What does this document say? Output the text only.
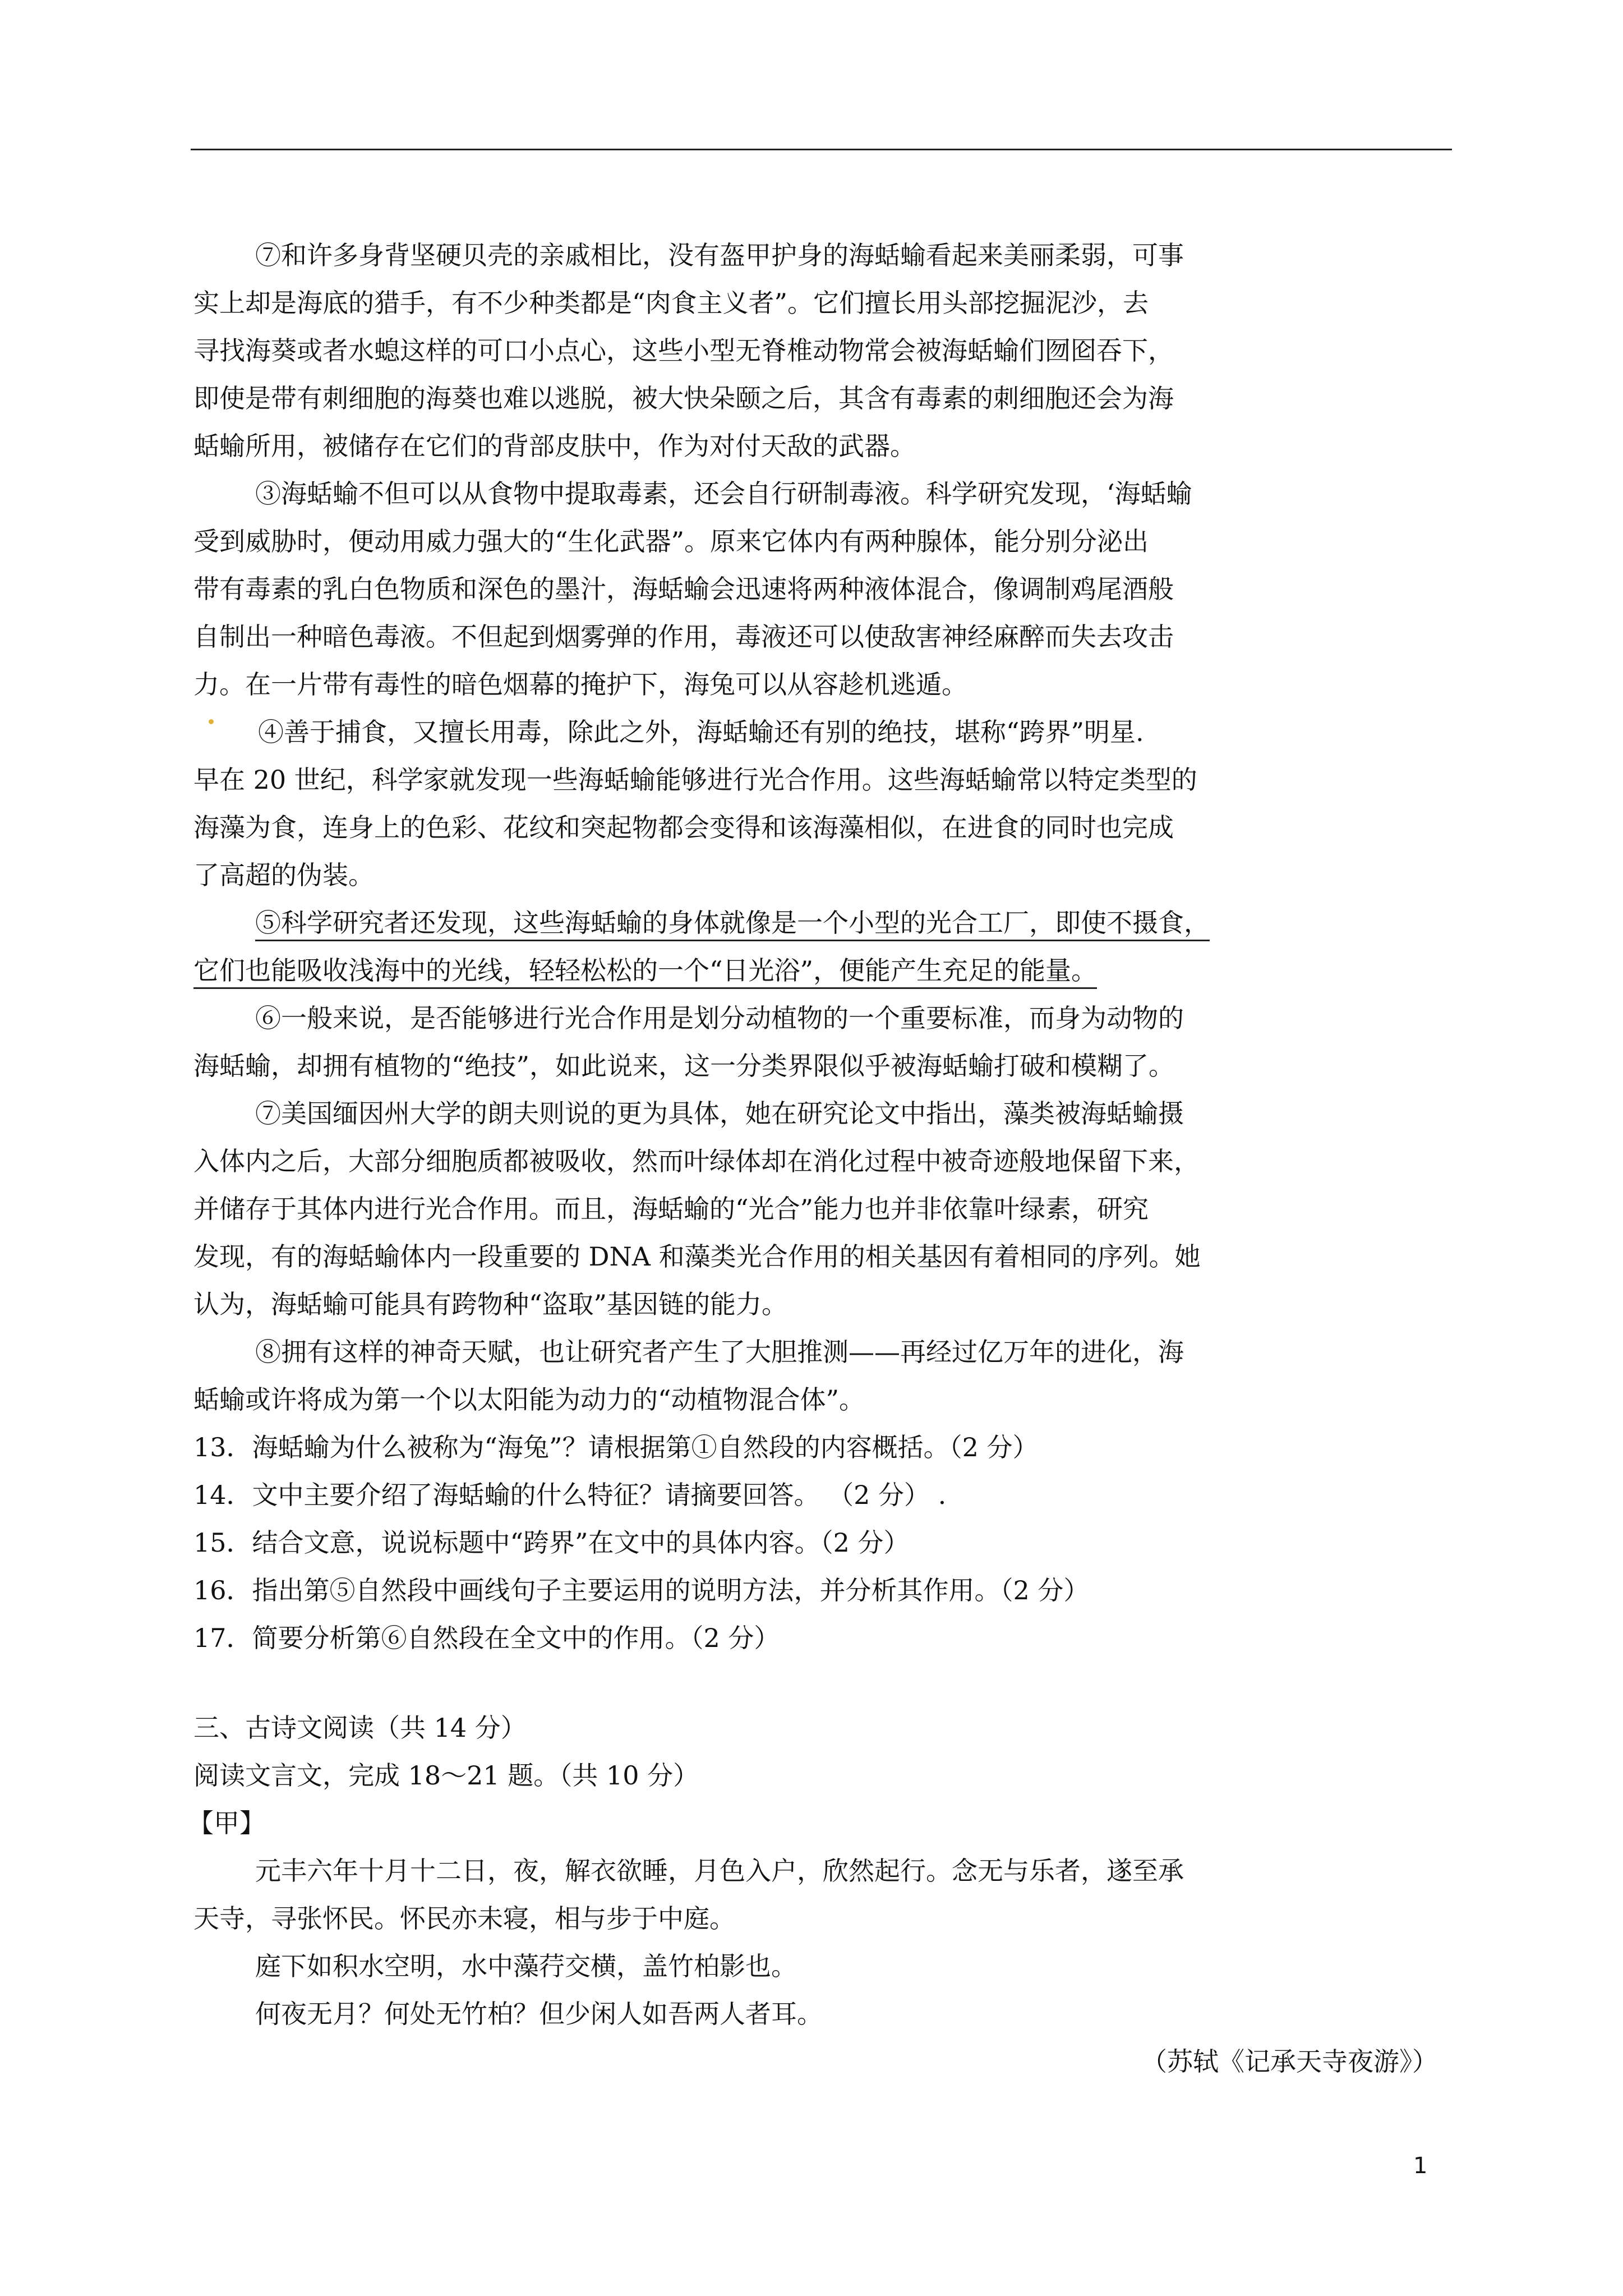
⑦和许多身背坚硬贝壳的亲戚相比，没有盔甲护身的海蛞蝓看起来美丽柔弱，可事
实上却是海底的猎手，有不少种类都是“肉食主义者”。它们擅长用头部挖掘泥沙，去
寻找海葵或者水螅这样的可口小点心，这些小型无脊椎动物常会被海蛞蝓们囫囵吞下，
即使是带有刺细胞的海葵也难以逃脱，被大快朵颐之后，其含有毒素的刺细胞还会为海
蛞蝓所用，被储存在它们的背部皮肤中，作为对付天敌的武器。
③海蛞蝓不但可以从食物中提取毒素，还会自行研制毒液。科学研究发现，‘海蛞蝓
受到威胁时，便动用威力强大的“生化武器”。原来它体内有两种腺体，能分别分泌出
带有毒素的乳白色物质和深色的墨汁，海蛞蝓会迅速将两种液体混合，像调制鸡尾酒般
自制出一种暗色毒液。不但起到烟雾弹的作用，毒液还可以使敌害神经麻醉而失去攻击
力。在一片带有毒性的暗色烟幕的掩护下，海兔可以从容趁机逃遁。
④善于捕食，又擅长用毒，除此之外，海蛞蝓还有别的绝技，堪称“跨界”明星.
早在 20 世纪，科学家就发现一些海蛞蝓能够进行光合作用。这些海蛞蝓常以特定类型的
海藻为食，连身上的色彩、花纹和突起物都会变得和该海藻相似，在进食的同时也完成
了高超的伪装。
⑤科学研究者还发现，这些海蛞蝓的身体就像是一个小型的光合工厂，即使不摄食，
它们也能吸收浅海中的光线，轻轻松松的一个“日光浴”，便能产生充足的能量。
⑥一般来说，是否能够进行光合作用是划分动植物的一个重要标准，而身为动物的
海蛞蝓，却拥有植物的“绝技”，如此说来，这一分类界限似乎被海蛞蝓打破和模糊了。
⑦美国缅因州大学的朗夫则说的更为具体，她在研究论文中指出，藻类被海蛞蝓摄
入体内之后，大部分细胞质都被吸收，然而叶绿体却在消化过程中被奇迹般地保留下来，
并储存于其体内进行光合作用。而且，海蛞蝓的“光合”能力也并非依靠叶绿素，研究
发现，有的海蛞蝓体内一段重要的 DNA 和藻类光合作用的相关基因有着相同的序列。她
认为，海蛞蝓可能具有跨物种“盗取”基因链的能力。
⑧拥有这样的神奇天赋，也让研究者产生了大胆推测——再经过亿万年的进化，海
蛞蝓或许将成为第一个以太阳能为动力的“动植物混合体”。
13．海蛞蝓为什么被称为“海兔”？请根据第①自然段的内容概括。（2 分）
14．文中主要介绍了海蛞蝓的什么特征？请摘要回答。 （2 分） .
15．结合文意，说说标题中“跨界”在文中的具体内容。（2 分）
16．指出第⑤自然段中画线句子主要运用的说明方法，并分析其作用。（2 分）
17．简要分析第⑥自然段在全文中的作用。（2 分）
三、古诗文阅读（共 14 分）
阅读文言文，完成 18～21 题。（共 10 分）
【甲】
元丰六年十月十二日，夜，解衣欲睡，月色入户，欣然起行。念无与乐者，遂至承
天寺，寻张怀民。怀民亦未寝，相与步于中庭。
庭下如积水空明，水中藻荇交横，盖竹柏影也。
何夜无月？何处无竹柏？但少闲人如吾两人者耳。
（苏轼《记承天寺夜游》）
1
